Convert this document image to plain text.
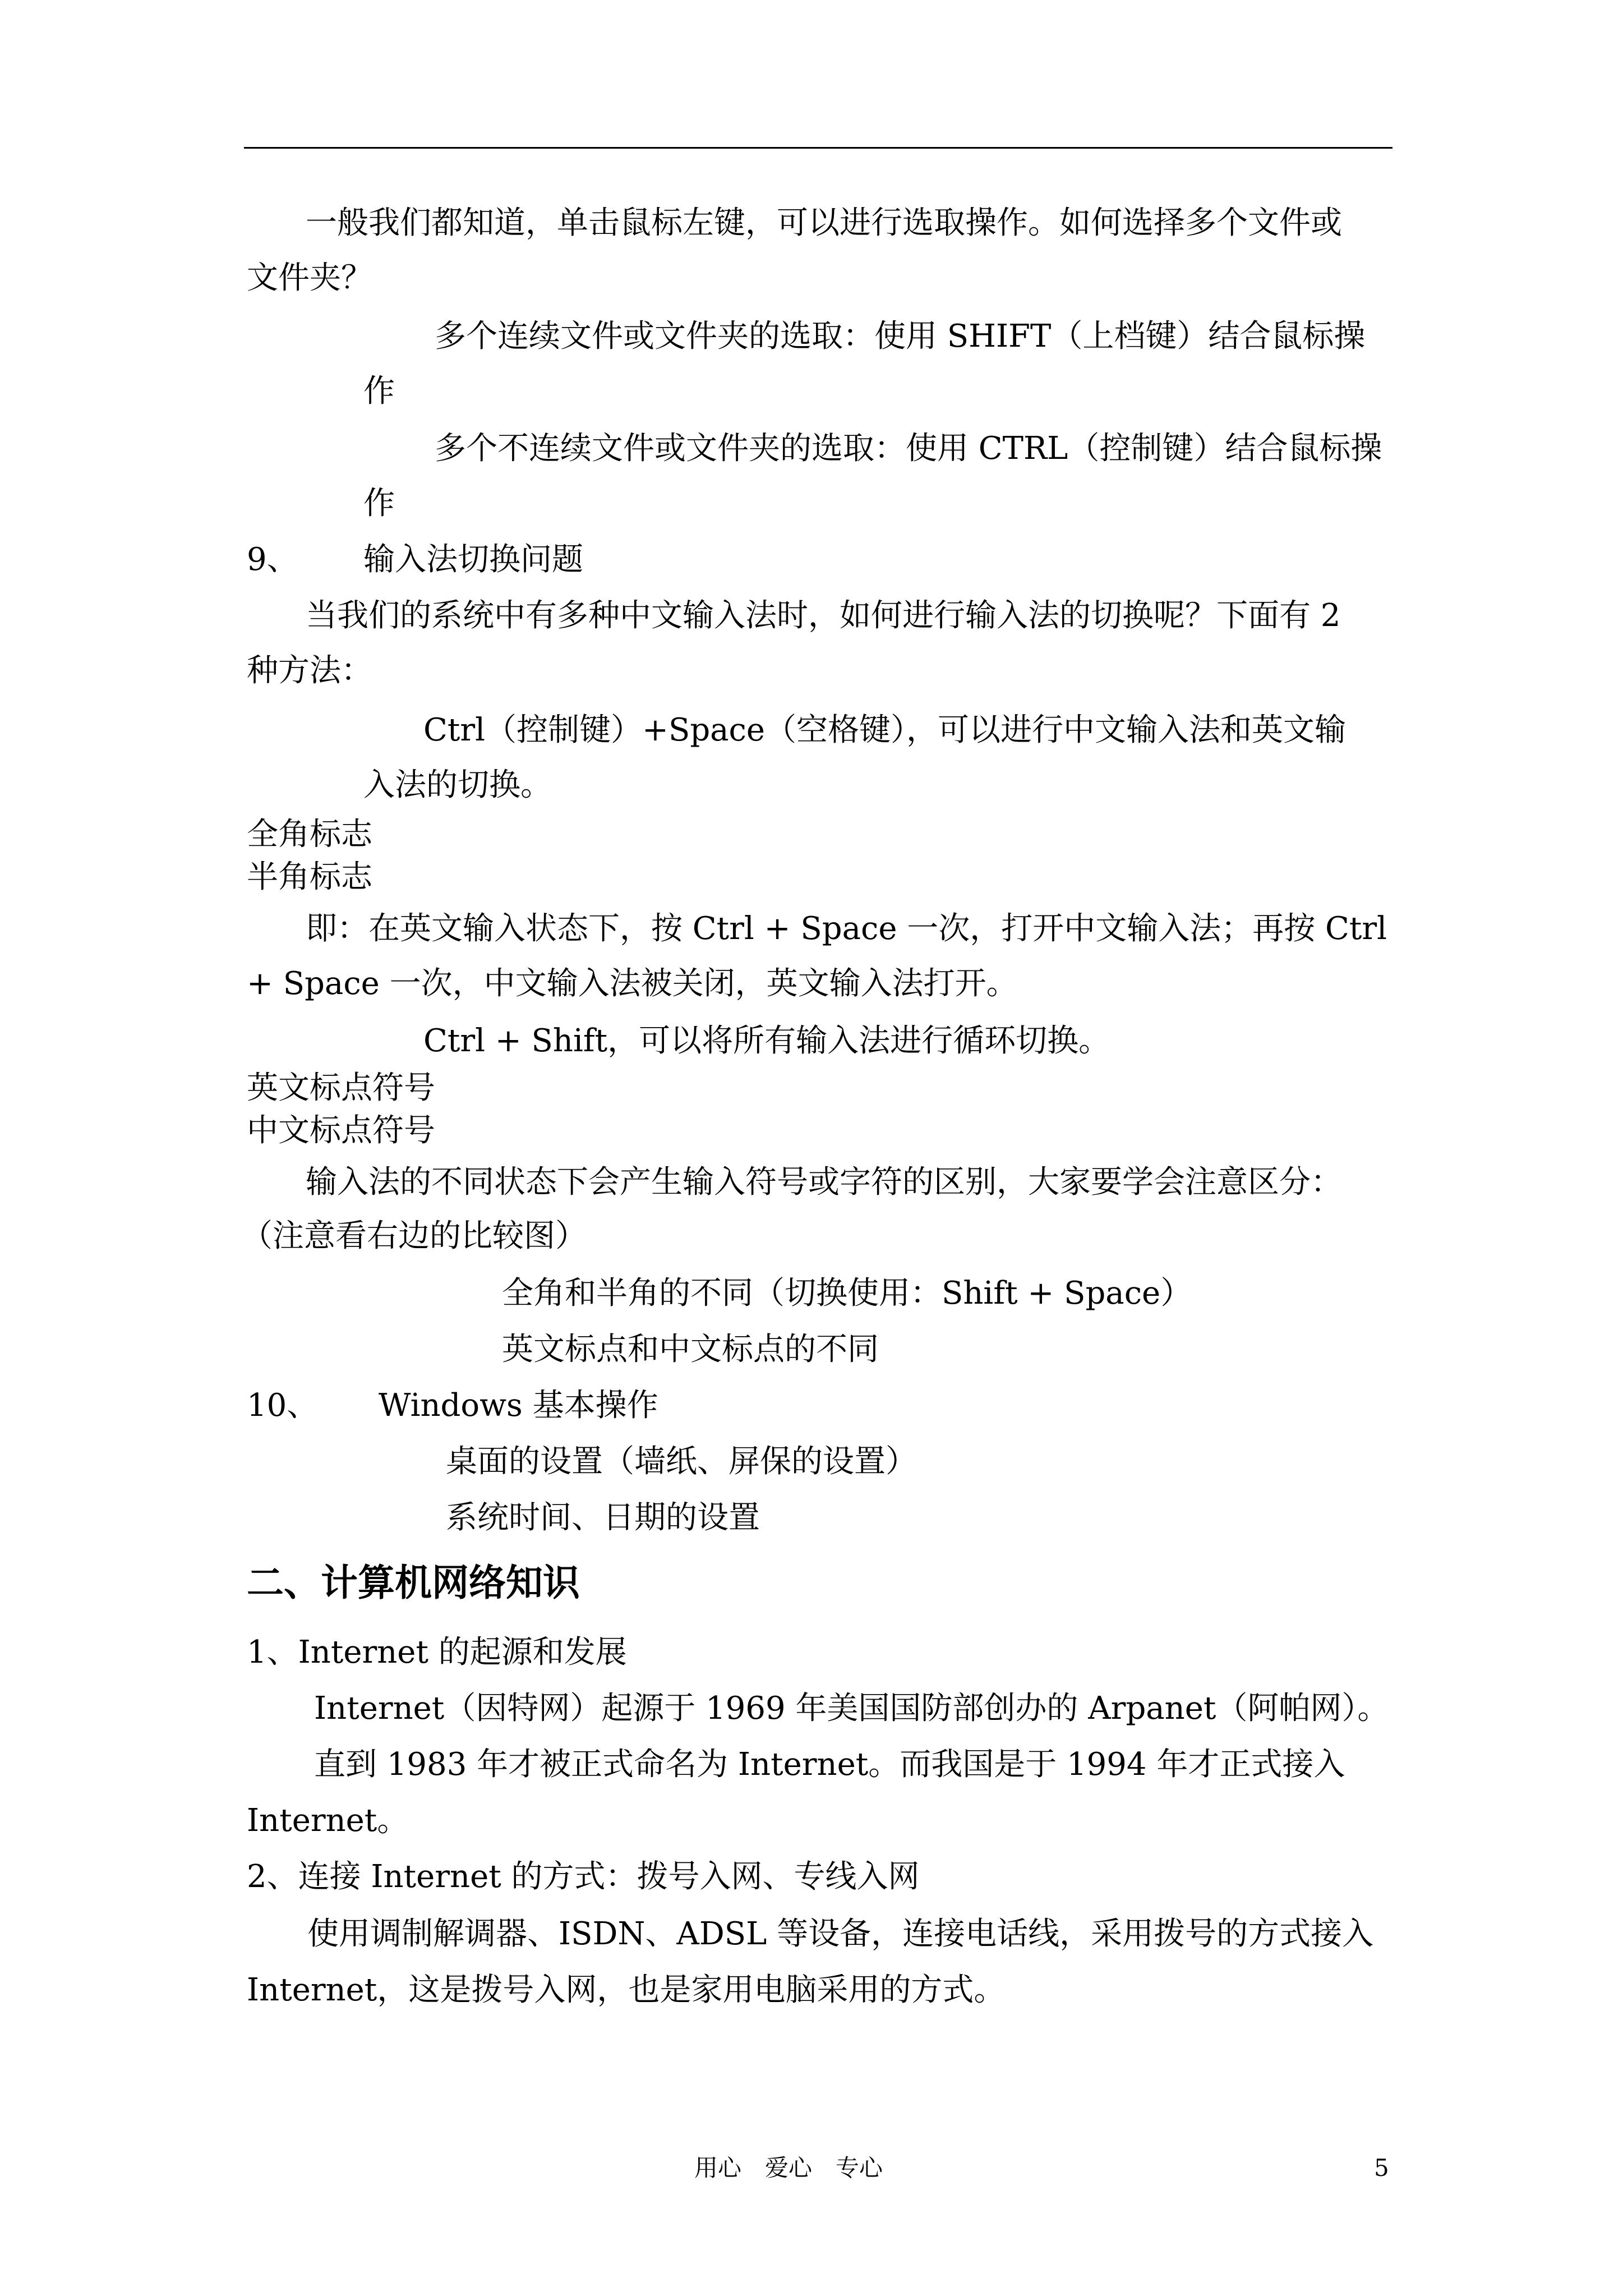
一般我们都知道，单击鼠标左键，可以进行选取操作。如何选择多个文件或

文件夹？

多个连续文件或文件夹的选取：使用 SHIFT（上档键）结合鼠标操

作

多个不连续文件或文件夹的选取：使用 CTRL（控制键）结合鼠标操

作

9、 输入法切换问题

当我们的系统中有多种中文输入法时，如何进行输入法的切换呢？下面有 2

种方法：

Ctrl（控制键）+Space（空格键），可以进行中文输入法和英文输

入法的切换。

全角标志

半角标志

即：在英文输入状态下，按 Ctrl + Space 一次，打开中文输入法；再按 Ctrl

+ Space 一次，中文输入法被关闭，英文输入法打开。

Ctrl + Shift，可以将所有输入法进行循环切换。

英文标点符号

中文标点符号

输入法的不同状态下会产生输入符号或字符的区别，大家要学会注意区分：

（注意看右边的比较图）

全角和半角的不同（切换使用：Shift + Space）

英文标点和中文标点的不同

10、 Windows 基本操作

桌面的设置（墙纸、屏保的设置）

系统时间、日期的设置

二、计算机网络知识

1、Internet 的起源和发展

Internet（因特网）起源于 1969 年美国国防部创办的 Arpanet（阿帕网）。

直到 1983 年才被正式命名为 Internet。而我国是于 1994 年才正式接入

Internet。

2、连接 Internet 的方式：拨号入网、专线入网

使用调制解调器、ISDN、ADSL 等设备，连接电话线，采用拨号的方式接入

Internet，这是拨号入网，也是家用电脑采用的方式。

用心　爱心　专心	5
